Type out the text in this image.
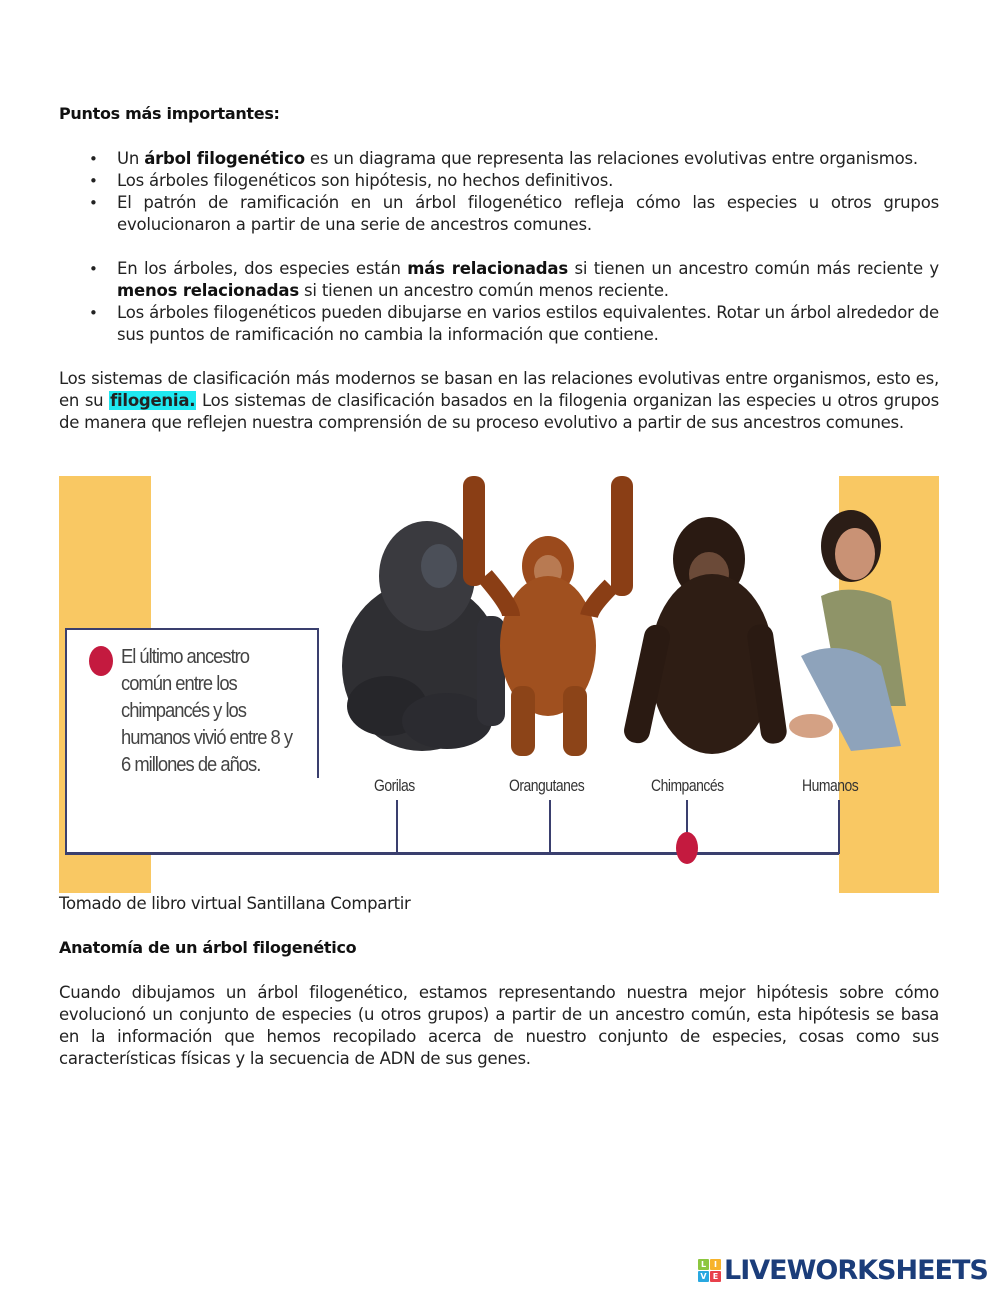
Puntos más importantes:
• Un árbol filogenético es un diagrama que representa las relaciones evolutivas entre organismos.
• Los árboles filogenéticos son hipótesis, no hechos definitivos.
• El patrón de ramificación en un árbol filogenético refleja cómo las especies u otros grupos evolucionaron a partir de una serie de ancestros comunes.
• En los árboles, dos especies están más relacionadas si tienen un ancestro común más reciente y menos relacionadas si tienen un ancestro común menos reciente.
• Los árboles filogenéticos pueden dibujarse en varios estilos equivalentes. Rotar un árbol alrededor de sus puntos de ramificación no cambia la información que contiene.
Los sistemas de clasificación más modernos se basan en las relaciones evolutivas entre organismos, esto es, en su filogenia. Los sistemas de clasificación basados en la filogenia organizan las especies u otros grupos de manera que reflejen nuestra comprensión de su proceso evolutivo a partir de sus ancestros comunes.
El último ancestro común entre los chimpancés y los humanos vivió entre 8 y 6 millones de años.
Gorilas	Orangutanes	Chimpancés	Humanos
Tomado de libro virtual Santillana Compartir
Anatomía de un árbol filogenético
Cuando dibujamos un árbol filogenético, estamos representando nuestra mejor hipótesis sobre cómo evolucionó un conjunto de especies (u otros grupos) a partir de un ancestro común, esta hipótesis se basa en la información que hemos recopilado acerca de nuestro conjunto de especies, cosas como sus características físicas y la secuencia de ADN de sus genes.
L I
V E LIVEWORKSHEETS
